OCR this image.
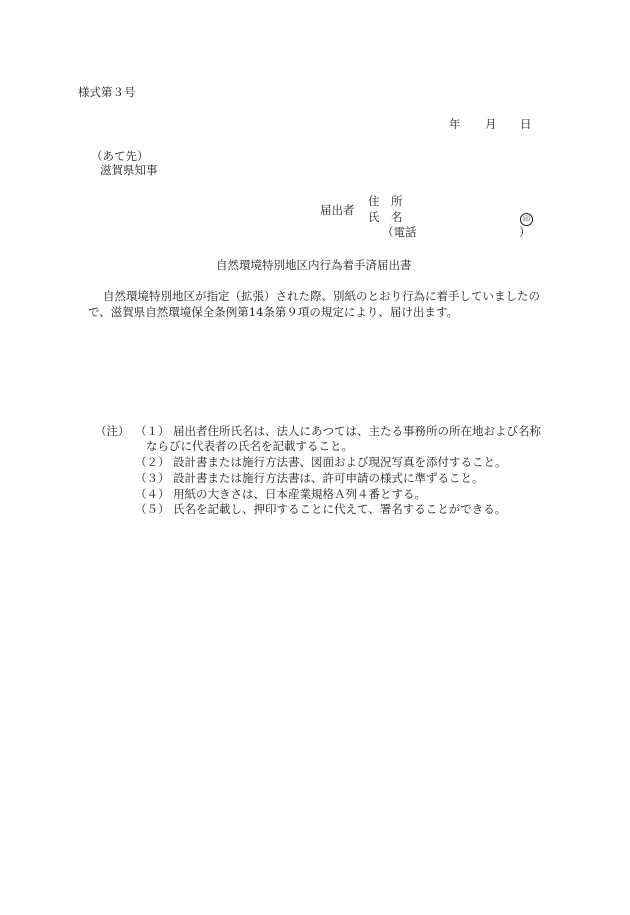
様式第３号
年 月 日
（あて先）
滋賀県知事
届出者
住　所
氏　名	印
（電話	）
自然環境特別地区内行為着手済届出書
自然環境特別地区が指定（拡張）された際、別紙のとおり行為に着手していましたの
で、滋賀県自然環境保全条例第14条第９項の規定により、届け出ます。
（注） （１） 届出者住所氏名は、法人にあつては、主たる事務所の所在地および名称
ならびに代表者の氏名を記載すること。
（２） 設計書または施行方法書、図面および現況写真を添付すること。
（３） 設計書または施行方法書は、許可申請の様式に準ずること。
（４） 用紙の大きさは、日本産業規格Ａ列４番とする。
（５） 氏名を記載し、押印することに代えて、署名することができる。
